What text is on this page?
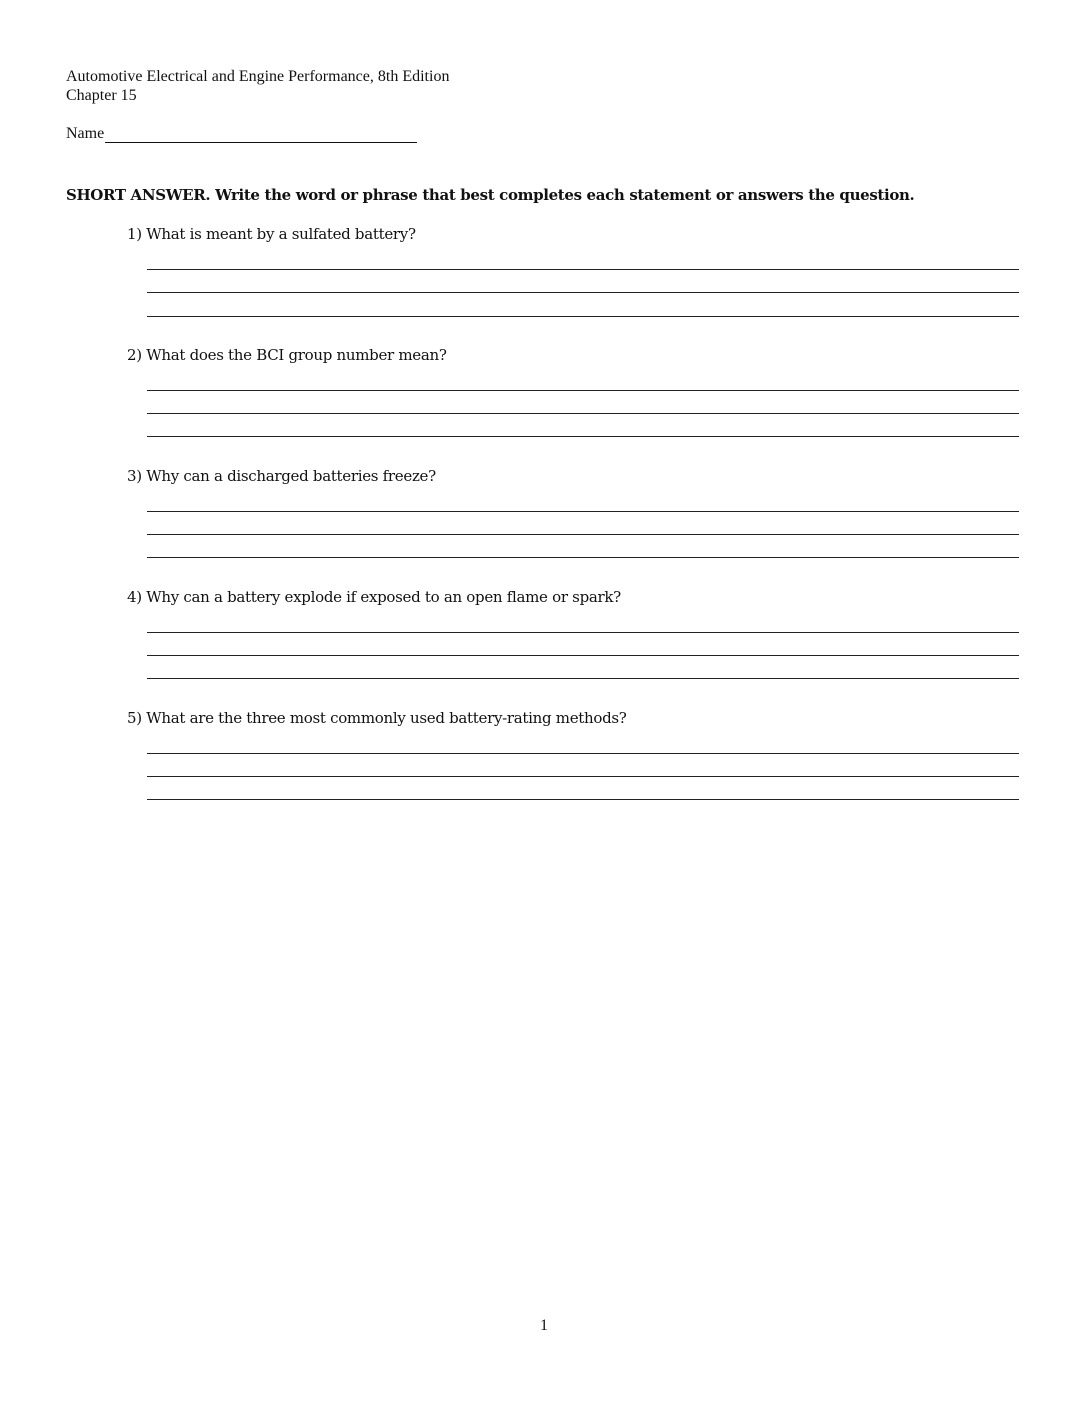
Automotive Electrical and Engine Performance, 8th Edition
Chapter 15
Name
SHORT ANSWER. Write the word or phrase that best completes each statement or answers the question.
1) What is meant by a sulfated battery?
2) What does the BCI group number mean?
3) Why can a discharged batteries freeze?
4) Why can a battery explode if exposed to an open flame or spark?
5) What are the three most commonly used battery-rating methods?
1
